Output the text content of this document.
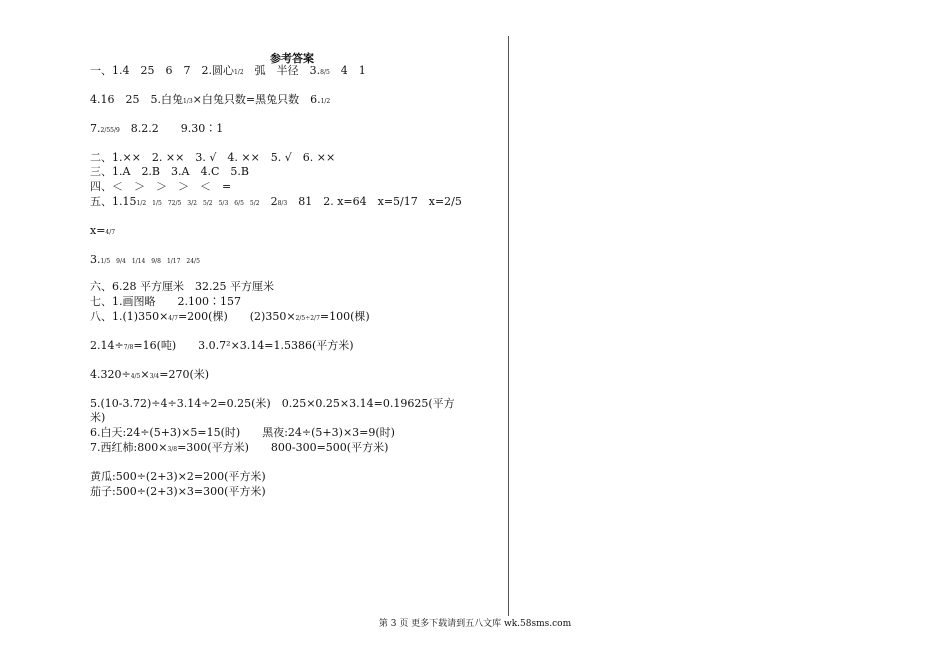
参考答案
一、1.4　25　6　7　2.圆心1/2　弧　半径　3.8/5　4　1
4.16　25　5.白兔1/3×白兔只数=黑兔只数　6.1/2
7.2/55/9　8.2.2　　9.30∶1
二、1.××　2. ××　3. √　4. ××　5. √　6. ××
三、1.A　2.B　3.A　4.C　5.B
四、＜　＞　＞　＞　＜　=
五、1.151/2　1/5　72/5　3/2　5/2　5/3　6/5　5/2　28/3　81　2. x=64　x=5/17　x=2/5
x=4/7
3.1/5　9/4　1/14　9/8　1/17　24/5
六、6.28 平方厘米　32.25 平方厘米
七、1.画图略　　2.100∶157
八、1.(1)350×4/7=200(棵)　　(2)350×2/5÷2/7=100(棵)
2.14÷7/8=16(吨)　　3.0.7²×3.14=1.5386(平方米)
4.320÷4/5×3/4=270(米)
5.(10-3.72)÷4÷3.14÷2=0.25(米)　0.25×0.25×3.14=0.19625(平方
米)
6.白天:24÷(5+3)×5=15(时)　　黑夜:24÷(5+3)×3=9(时)
7.西红柿:800×3/8=300(平方米)　　800-300=500(平方米)
黄瓜:500÷(2+3)×2=200(平方米)
茄子:500÷(2+3)×3=300(平方米)
第 3 页 更多下载请到五八文库 wk.58sms.com
